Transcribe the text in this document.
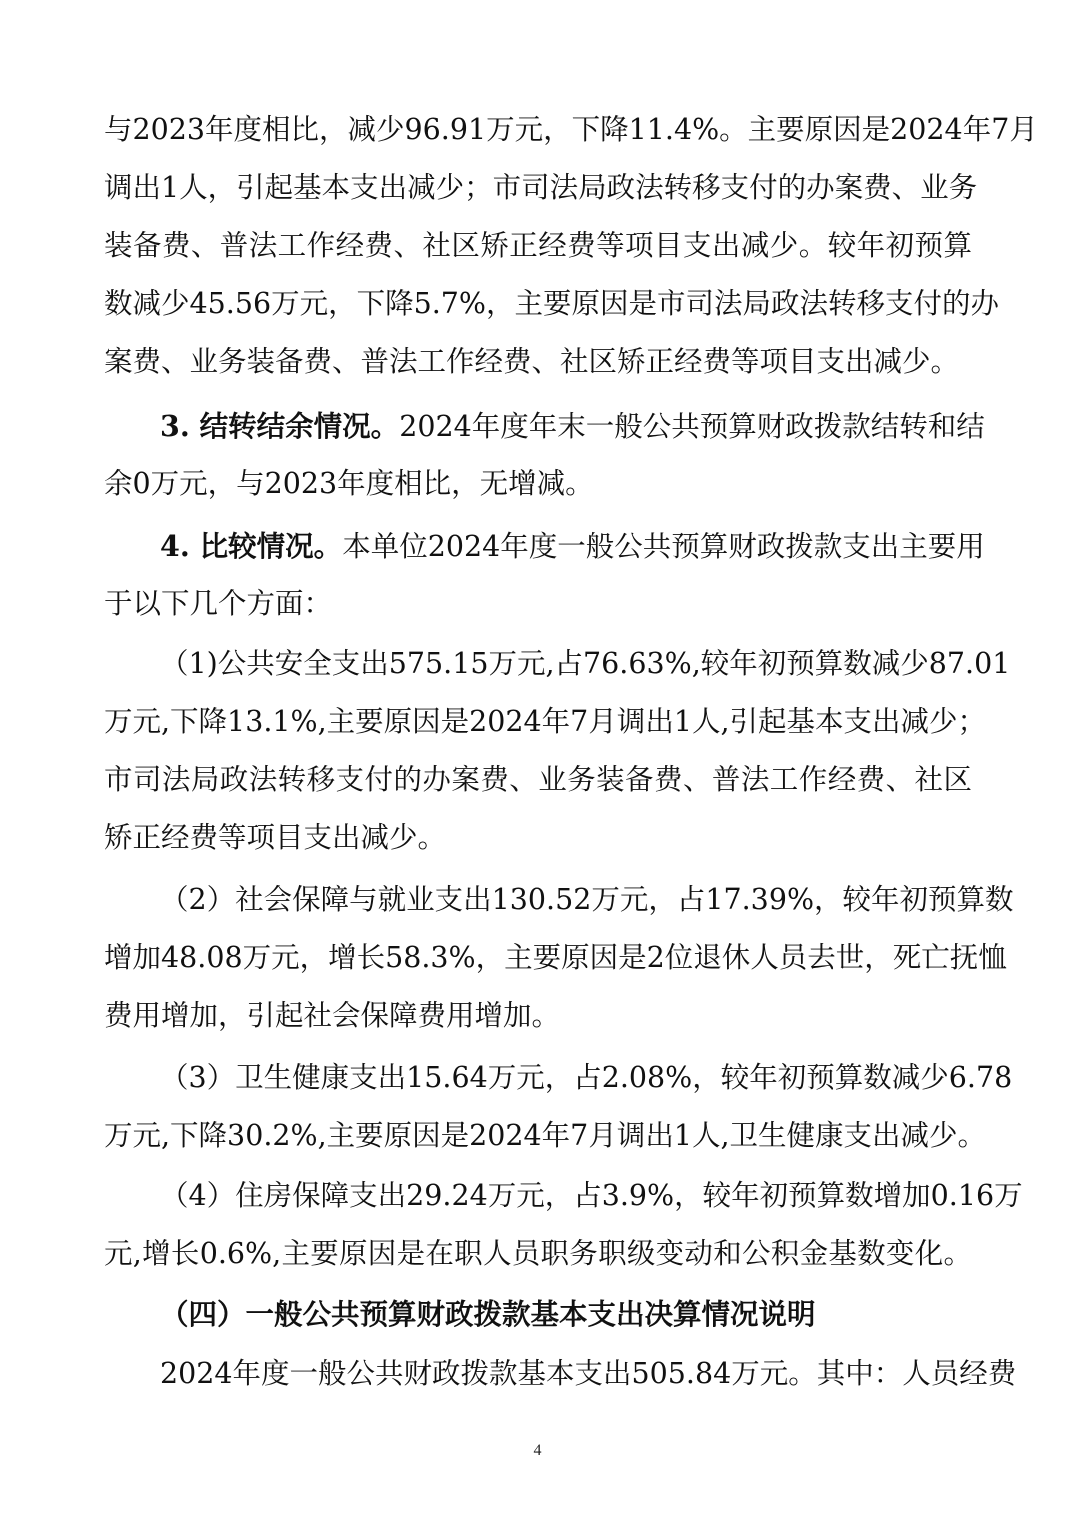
与2023年度相比，减少96.91万元，下降11.4%。主要原因是2024年7月
调出1人，引起基本支出减少；市司法局政法转移支付的办案费、业务
装备费、普法工作经费、社区矫正经费等项目支出减少。较年初预算
数减少45.56万元，下降5.7%，主要原因是市司法局政法转移支付的办
案费、业务装备费、普法工作经费、社区矫正经费等项目支出减少。
3. 结转结余情况。2024年度年末一般公共预算财政拨款结转和结
余0万元，与2023年度相比，无增减。
4. 比较情况。本单位2024年度一般公共预算财政拨款支出主要用
于以下几个方面：
（1)公共安全支出575.15万元,占76.63%,较年初预算数减少87.01
万元,下降13.1%,主要原因是2024年7月调出1人,引起基本支出减少；
市司法局政法转移支付的办案费、业务装备费、普法工作经费、社区
矫正经费等项目支出减少。
（2）社会保障与就业支出130.52万元，占17.39%，较年初预算数
增加48.08万元，增长58.3%，主要原因是2位退休人员去世，死亡抚恤
费用增加，引起社会保障费用增加。
（3）卫生健康支出15.64万元，占2.08%，较年初预算数减少6.78
万元,下降30.2%,主要原因是2024年7月调出1人,卫生健康支出减少。
（4）住房保障支出29.24万元，占3.9%，较年初预算数增加0.16万
元,增长0.6%,主要原因是在职人员职务职级变动和公积金基数变化。
（四）一般公共预算财政拨款基本支出决算情况说明
2024年度一般公共财政拨款基本支出505.84万元。其中：人员经费
4
